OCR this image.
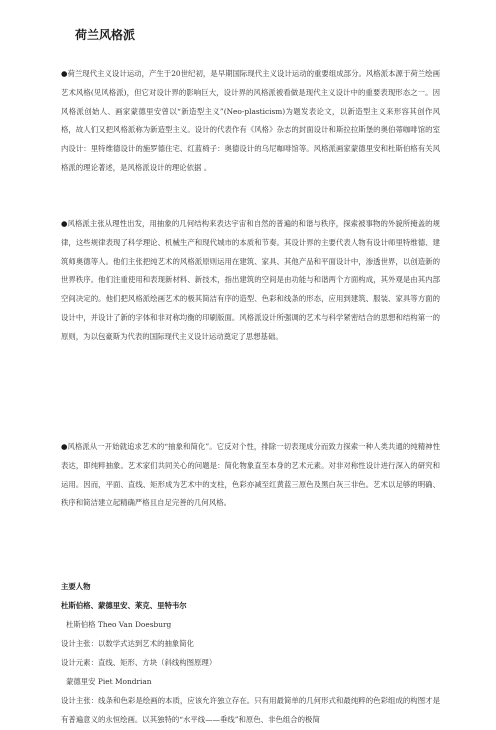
荷兰风格派

●荷兰现代主义设计运动，产生于20世纪初，是早期国际现代主义设计运动的重要组成部分。风格派本源于荷兰绘画艺术风格(见风格派)，但它对设计界的影响巨大，设计界的风格派被看做是现代主义设计中的重要表现形态之一。因风格派创始人、画家蒙德里安曾以“新造型主义”(Neo-plasticism)为题发表论文，以新造型主义来形容其创作风格，故人们又把风格派称为新造型主义。设计的代表作有《风格》杂志的封面设计和斯拉拉斯堡的奥伯蒂咖啡馆的室内设计：里特维德设计的施罗德住宅、红蓝椅子：奥德设计的乌尼咖啡馆等。风格派画家蒙德里安和杜斯伯格有关风格派的理论著述，是风格派设计的理论依据 。

●风格派主张从理性出发，用抽象的几何结构来表达宇宙和自然的普遍的和谐与秩序，探索被事物的外貌所掩盖的规律，这些规律表现了科学理论、机械生产和现代城市的本质和节奏。其设计界的主要代表人物有设计师里特维德、建筑师奥德等人。他们主张把纯艺术的风格派原则运用在建筑、家具、其他产品和平面设计中，渗透世界，以创造新的世界秩序。他们注重使用和表现新材料、新技术，指出建筑的空间是由功能与和谐两个方面构成，其外观是由其内部空间决定的。他们把风格派绘画艺术的极其简洁有序的造型、色彩和线条的形态，应用到建筑、服装、家具等方面的设计中，并设计了新的字体和非对称均衡的印刷版面。风格派设计所强调的艺术与科学紧密结合的思想和结构第一的原则，为以包豪斯为代表的国际现代主义设计运动奠定了思想基础。

●风格派从一开始就追求艺术的“抽象和简化”。它反对个性，排除一切表现成分而致力探索一种人类共通的纯精神性表达，即纯粹抽象。艺术家们共同关心的问题是：简化物象直至本身的艺术元素。对非对称性设计进行深入的研究和运用。因而，平面、直线、矩形成为艺术中的支柱，色彩亦减至红黄蓝三原色及黑白灰三非色。艺术以足够的明确、秩序和简洁建立起精确严格且自足完善的几何风格。

主要人物
杜斯伯格、蒙德里安、莱克、里特韦尔
杜斯伯格 Theo Van Doesburg
设计主张：以数学式达到艺术的抽象简化
设计元素：直线、矩形、方块（斜线构图原理）
蒙德里安 Piet Mondrian

设计主张：线条和色彩是绘画的本质，应该允许独立存在。只有用最简单的几何形式和最纯粹的色彩组成的构图才是有普遍意义的永恒绘画。以其独特的“水平线——垂线”和原色、非色组合的极简
